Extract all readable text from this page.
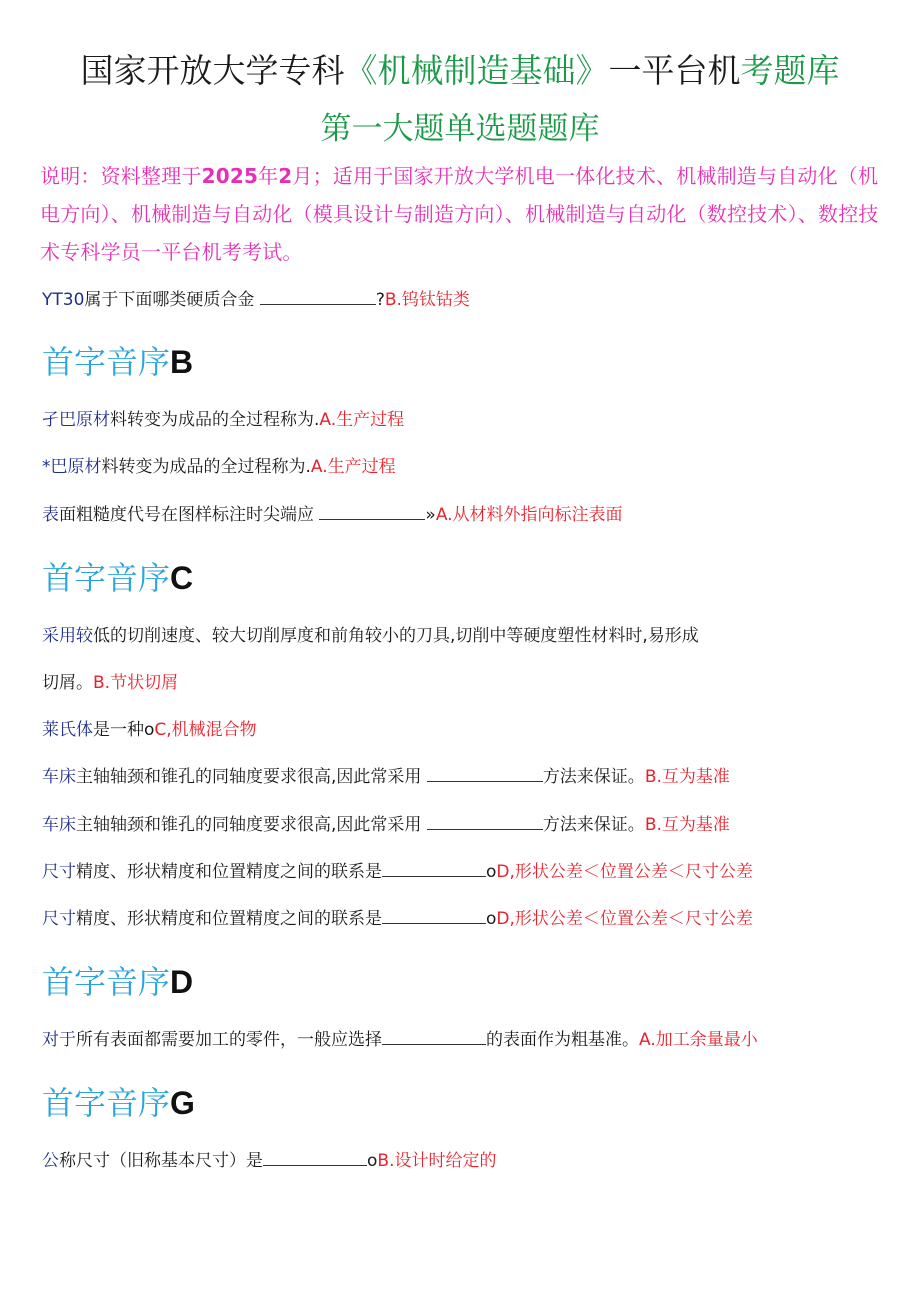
国家开放大学专科《机械制造基础》一平台机考题库
第一大题单选题题库
说明：资料整理于2025年2月；适用于国家开放大学机电一体化技术、机械制造与自动化（机电方向）、机械制造与自动化（模具设计与制造方向）、机械制造与自动化（数控技术）、数控技术专科学员一平台机考考试。
YT30属于下面哪类硬质合金	?B.钨钛钴类
首字音序B
孑巴原材料转变为成品的全过程称为.A.生产过程
*巴原材料转变为成品的全过程称为.A.生产过程
表面粗糙度代号在图样标注时尖端应	»A.从材料外指向标注表面
首字音序C
采用较低的切削速度、较大切削厚度和前角较小的刀具,切削中等硬度塑性材料时,易形成
切屑。B.节状切屑
莱氏体是一种oC,机械混合物
车床主轴轴颈和锥孔的同轴度要求很高,因此常采用	方法来保证。B.互为基准
车床主轴轴颈和锥孔的同轴度要求很高,因此常采用	方法来保证。B.互为基准
尺寸精度、形状精度和位置精度之间的联系是	oD,形状公差＜位置公差＜尺寸公差
尺寸精度、形状精度和位置精度之间的联系是	oD,形状公差＜位置公差＜尺寸公差
首字音序D
对于所有表面都需要加工的零件，一般应选择	的表面作为粗基准。A.加工余量最小
首字音序G
公称尺寸（旧称基本尺寸）是	oB.设计时给定的
